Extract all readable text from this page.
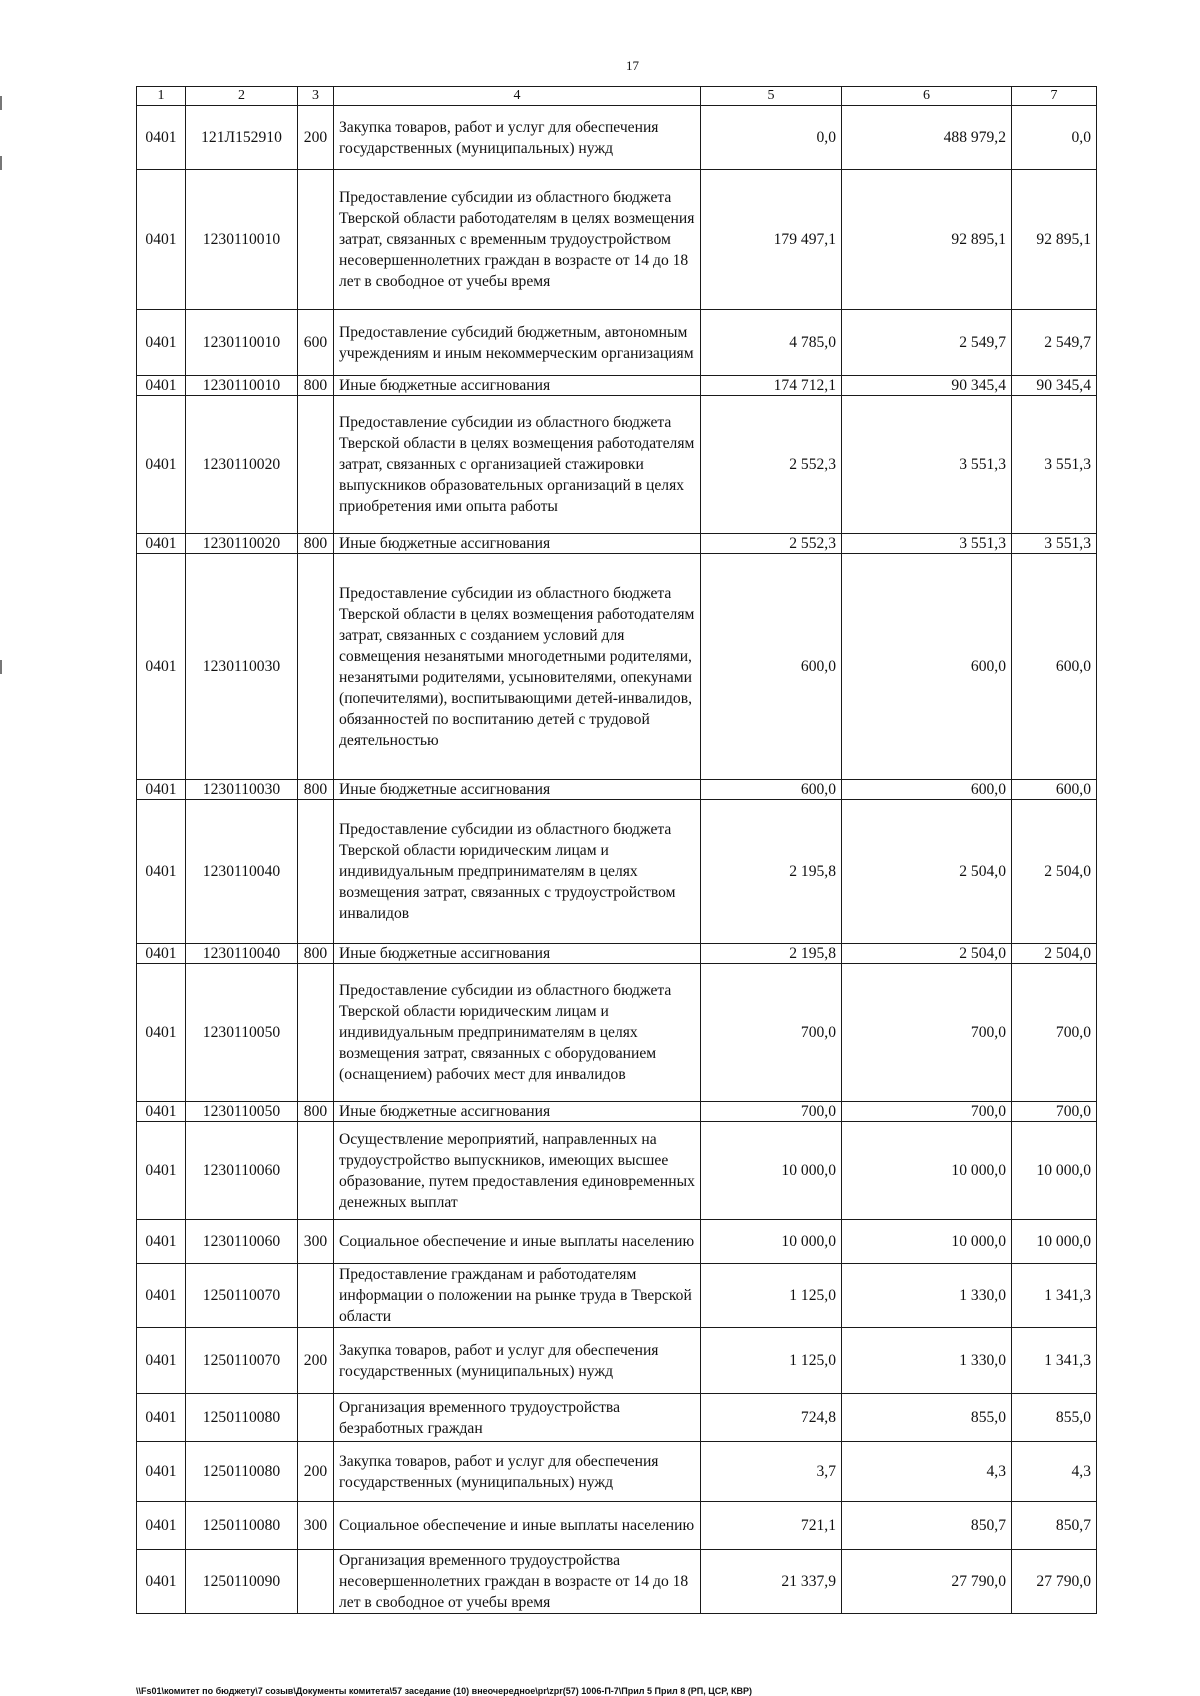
17
1	2	3	4	5	6	7
0401	121Л152910	200	Закупка товаров, работ и услуг для обеспечения государственных (муниципальных) нужд	0,0	488 979,2	0,0
0401	1230110010		Предоставление субсидии из областного бюджета Тверской области работодателям в целях возмещения затрат, связанных с временным трудоустройством несовершеннолетних граждан в возрасте от 14 до 18 лет в свободное от учебы время	179 497,1	92 895,1	92 895,1
0401	1230110010	600	Предоставление субсидий бюджетным, автономным учреждениям и иным некоммерческим организациям	4 785,0	2 549,7	2 549,7
0401	1230110010	800	Иные бюджетные ассигнования	174 712,1	90 345,4	90 345,4
0401	1230110020		Предоставление субсидии из областного бюджета Тверской области в целях возмещения работодателям затрат, связанных с организацией стажировки выпускников образовательных организаций в целях приобретения ими опыта работы	2 552,3	3 551,3	3 551,3
0401	1230110020	800	Иные бюджетные ассигнования	2 552,3	3 551,3	3 551,3
0401	1230110030		Предоставление субсидии из областного бюджета Тверской области в целях возмещения работодателям затрат, связанных с созданием условий для совмещения незанятыми многодетными родителями, незанятыми родителями, усыновителями, опекунами (попечителями), воспитывающими детей-инвалидов, обязанностей по воспитанию детей с трудовой деятельностью	600,0	600,0	600,0
0401	1230110030	800	Иные бюджетные ассигнования	600,0	600,0	600,0
0401	1230110040		Предоставление субсидии из областного бюджета Тверской области юридическим лицам и индивидуальным предпринимателям в целях возмещения затрат, связанных с трудоустройством инвалидов	2 195,8	2 504,0	2 504,0
0401	1230110040	800	Иные бюджетные ассигнования	2 195,8	2 504,0	2 504,0
0401	1230110050		Предоставление субсидии из областного бюджета Тверской области юридическим лицам и индивидуальным предпринимателям в целях возмещения затрат, связанных с оборудованием (оснащением) рабочих мест для инвалидов	700,0	700,0	700,0
0401	1230110050	800	Иные бюджетные ассигнования	700,0	700,0	700,0
0401	1230110060		Осуществление мероприятий, направленных на трудоустройство выпускников, имеющих высшее образование, путем предоставления единовременных денежных выплат	10 000,0	10 000,0	10 000,0
0401	1230110060	300	Социальное обеспечение и иные выплаты населению	10 000,0	10 000,0	10 000,0
0401	1250110070		Предоставление гражданам и работодателям информации о положении на рынке труда в Тверской области	1 125,0	1 330,0	1 341,3
0401	1250110070	200	Закупка товаров, работ и услуг для обеспечения государственных (муниципальных) нужд	1 125,0	1 330,0	1 341,3
0401	1250110080		Организация временного трудоустройства безработных граждан	724,8	855,0	855,0
0401	1250110080	200	Закупка товаров, работ и услуг для обеспечения государственных (муниципальных) нужд	3,7	4,3	4,3
0401	1250110080	300	Социальное обеспечение и иные выплаты населению	721,1	850,7	850,7
0401	1250110090		Организация временного трудоустройства несовершеннолетних граждан в возрасте от 14 до 18 лет в свободное от учебы время	21 337,9	27 790,0	27 790,0
\\Fs01\комитет по бюджету\7 созыв\Документы комитета\57 заседание (10) внеочередное\pr\zpr(57) 1006-П-7\Прил 5 Прил 8 (РП, ЦСР, КВР)
